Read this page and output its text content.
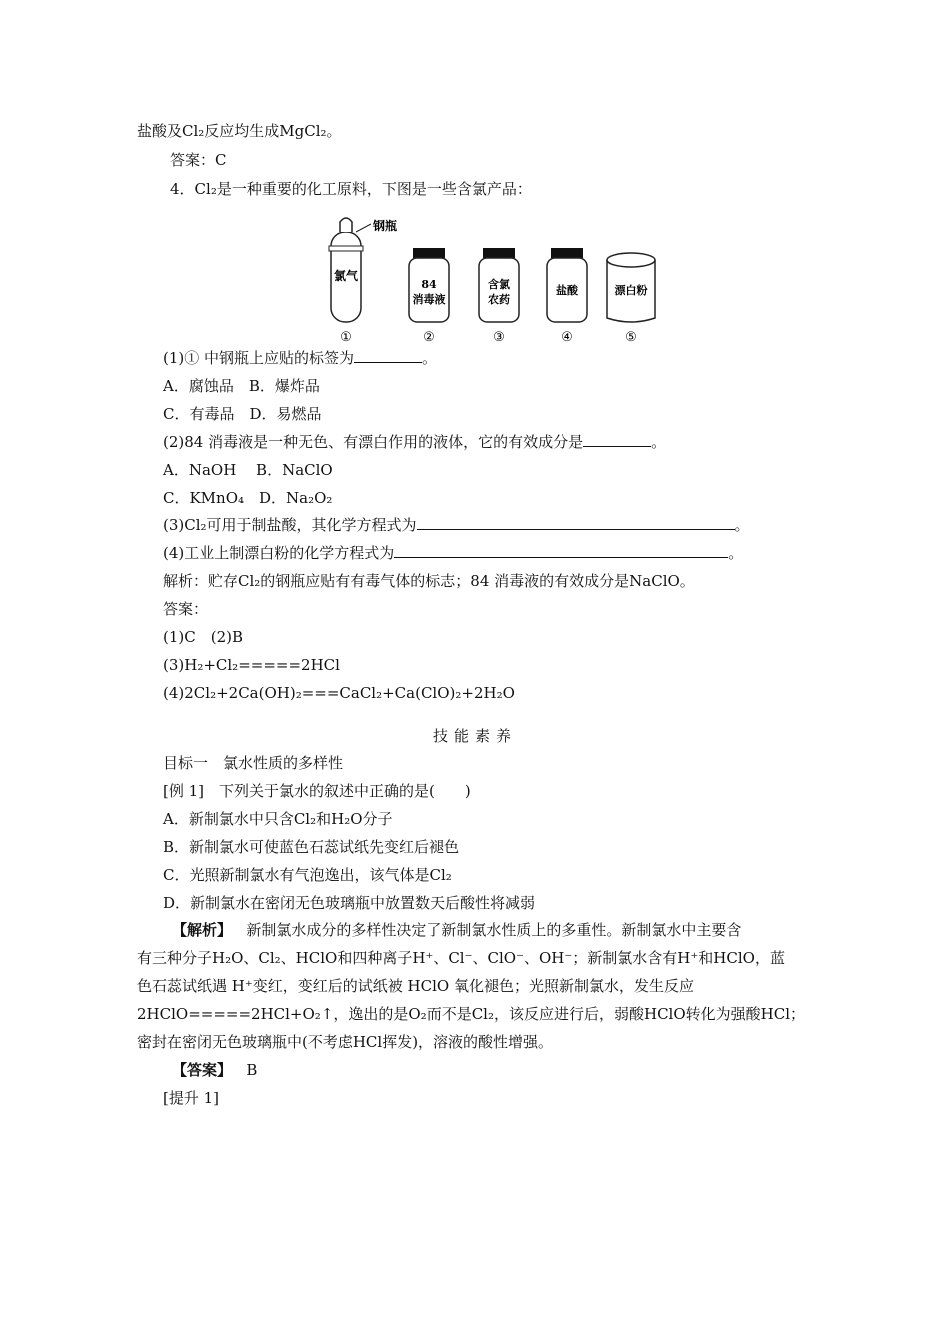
盐酸及Cl₂反应均生成MgCl₂。
答案：C
4．Cl₂是一种重要的化工原料，下图是一些含氯产品：
钢瓶
氯气
84
消毒液
含氯
农药
盐酸	漂白粉
①	②	③	④	⑤
(1)① 中钢瓶上应贴的标签为	。
A．腐蚀品　B．爆炸品
C．有毒品　D．易燃品
(2)84 消毒液是一种无色、有漂白作用的液体，它的有效成分是	。
A．NaOH　 B．NaClO
C．KMnO₄　D．Na₂O₂
(3)Cl₂可用于制盐酸，其化学方程式为	。
(4)工业上制漂白粉的化学方程式为	。
解析：贮存Cl₂的钢瓶应贴有有毒气体的标志；84 消毒液的有效成分是NaClO。
答案：
(1)C　(2)B
(3)H₂+Cl₂=====2HCl
(4)2Cl₂+2Ca(OH)₂===CaCl₂+Ca(ClO)₂+2H₂O
技能素养
目标一　氯水性质的多样性
[例 1]　下列关于氯水的叙述中正确的是(　　)
A．新制氯水中只含Cl₂和H₂O分子
B．新制氯水可使蓝色石蕊试纸先变红后褪色
C．光照新制氯水有气泡逸出，该气体是Cl₂
D．新制氯水在密闭无色玻璃瓶中放置数天后酸性将减弱
【解析】 新制氯水成分的多样性决定了新制氯水性质上的多重性。新制氯水中主要含
有三种分子H₂O、Cl₂、HClO和四种离子H⁺、Cl⁻、ClO⁻、OH⁻；新制氯水含有H⁺和HClO，蓝
色石蕊试纸遇 H⁺变红，变红后的试纸被 HClO 氧化褪色；光照新制氯水，发生反应
2HClO=====2HCl+O₂↑，逸出的是O₂而不是Cl₂，该反应进行后，弱酸HClO转化为强酸HCl；
密封在密闭无色玻璃瓶中(不考虑HCl挥发)，溶液的酸性增强。
【答案】 B
[提升 1]
